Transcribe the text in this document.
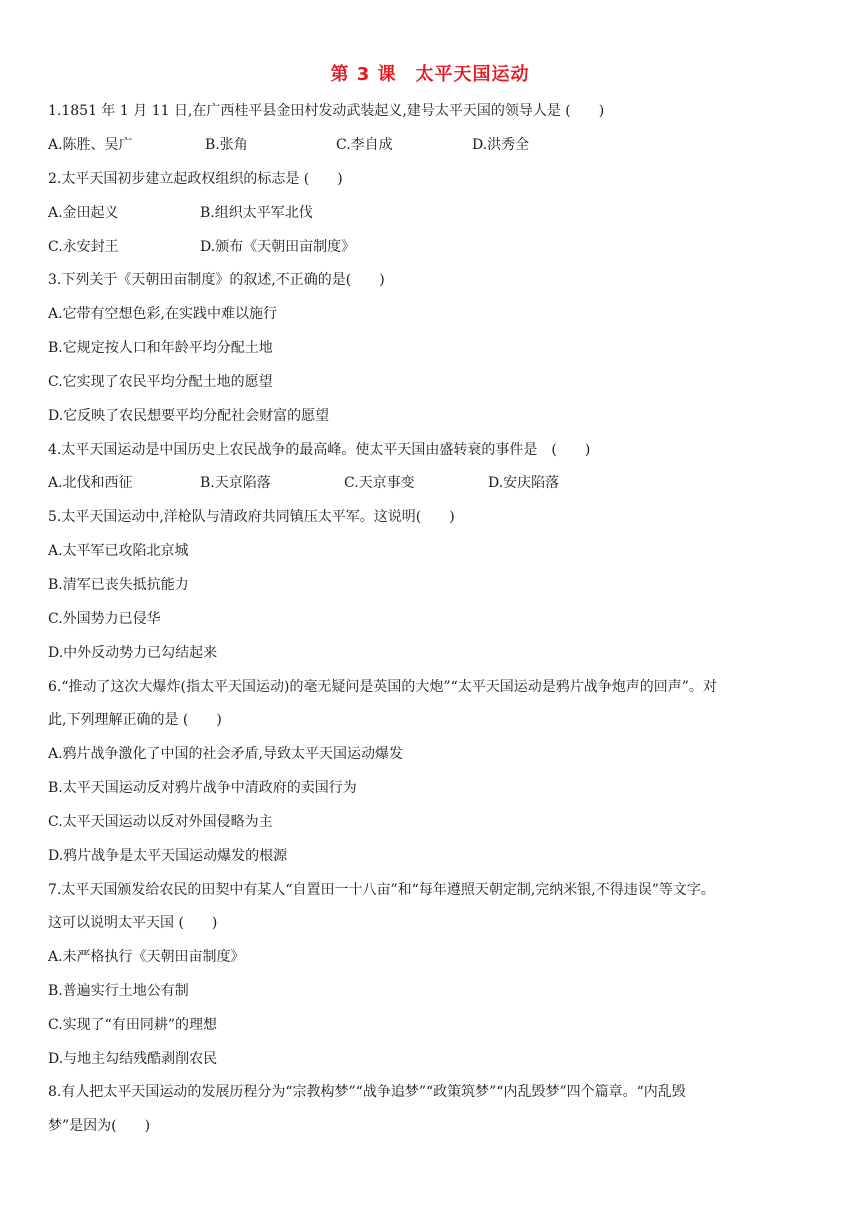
第 3 课　太平天国运动
1.1851 年 1 月 11 日,在广西桂平县金田村发动武装起义,建号太平天国的领导人是 (　　)
A.陈胜、吴广	B.张角	C.李自成	D.洪秀全
2.太平天国初步建立起政权组织的标志是 (　　)
A.金田起义	B.组织太平军北伐
C.永安封王	D.颁布《天朝田亩制度》
3.下列关于《天朝田亩制度》的叙述,不正确的是(　　)
A.它带有空想色彩,在实践中难以施行
B.它规定按人口和年龄平均分配土地
C.它实现了农民平均分配土地的愿望
D.它反映了农民想要平均分配社会财富的愿望
4.太平天国运动是中国历史上农民战争的最高峰。使太平天国由盛转衰的事件是　(　　)
A.北伐和西征	B.天京陷落	C.天京事变	D.安庆陷落
5.太平天国运动中,洋枪队与清政府共同镇压太平军。这说明(　　)
A.太平军已攻陷北京城
B.清军已丧失抵抗能力
C.外国势力已侵华
D.中外反动势力已勾结起来
6.“推动了这次大爆炸(指太平天国运动)的毫无疑问是英国的大炮”“太平天国运动是鸦片战争炮声的回声”。对
此,下列理解正确的是 (　　)
A.鸦片战争激化了中国的社会矛盾,导致太平天国运动爆发
B.太平天国运动反对鸦片战争中清政府的卖国行为
C.太平天国运动以反对外国侵略为主
D.鸦片战争是太平天国运动爆发的根源
7.太平天国颁发给农民的田契中有某人“自置田一十八亩”和“每年遵照天朝定制,完纳米银,不得违误”等文字。
这可以说明太平天国 (　　)
A.未严格执行《天朝田亩制度》
B.普遍实行土地公有制
C.实现了“有田同耕”的理想
D.与地主勾结残酷剥削农民
8.有人把太平天国运动的发展历程分为“宗教构梦”“战争追梦”“政策筑梦”“内乱毁梦”四个篇章。“内乱毁
梦”是因为(　　)
